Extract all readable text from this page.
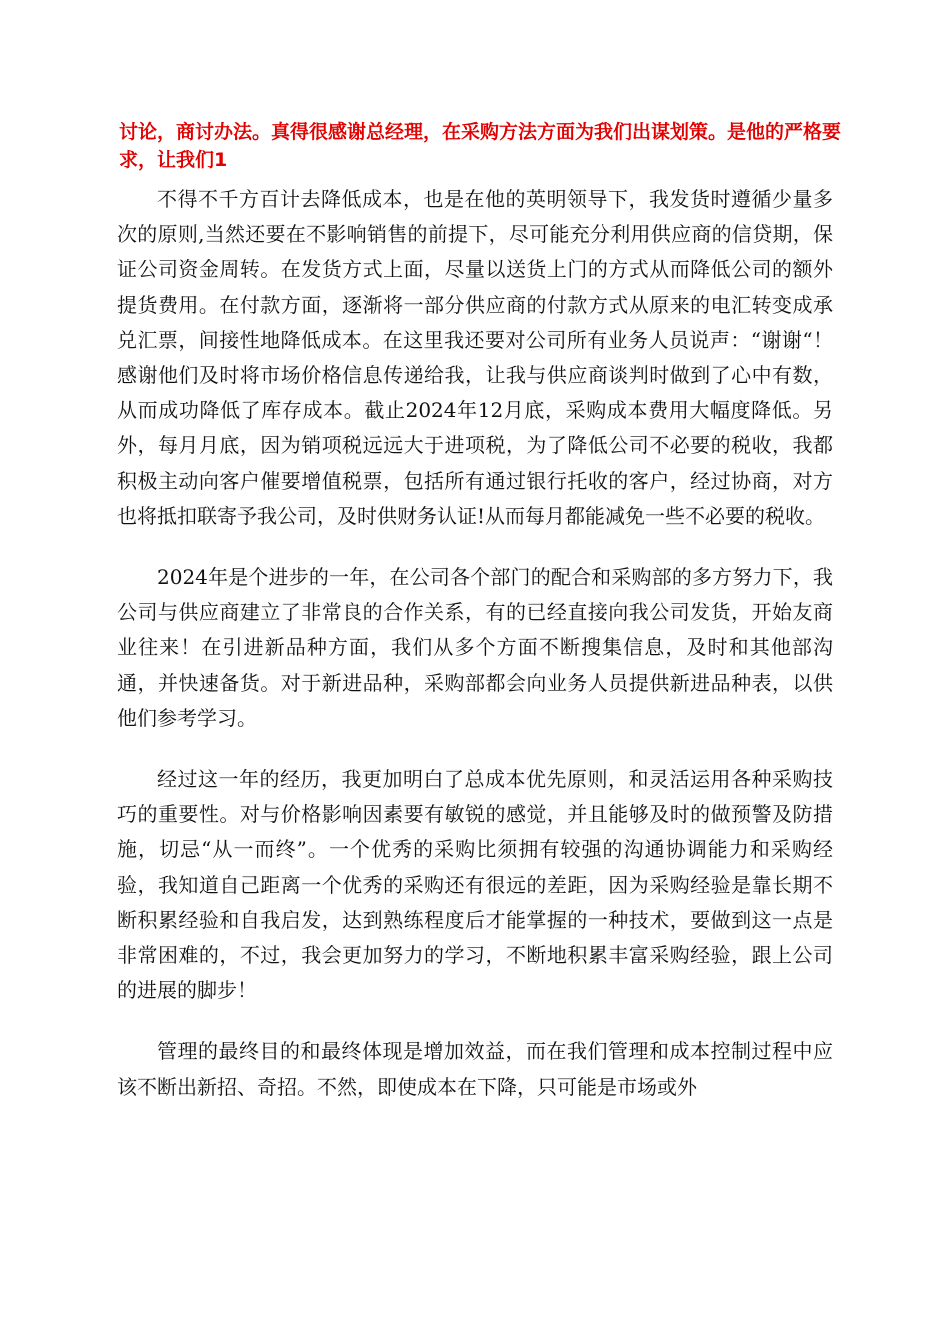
讨论，商讨办法。真得很感谢总经理，在采购方法方面为我们出谋划策。是他的严格要求，让我们1

不得不千方百计去降低成本，也是在他的英明领导下，我发货时遵循少量多次的原则,当然还要在不影响销售的前提下，尽可能充分利用供应商的信贷期，保证公司资金周转。在发货方式上面，尽量以送货上门的方式从而降低公司的额外提货费用。在付款方面，逐渐将一部分供应商的付款方式从原来的电汇转变成承兑汇票，间接性地降低成本。在这里我还要对公司所有业务人员说声：“谢谢“！感谢他们及时将市场价格信息传递给我，让我与供应商谈判时做到了心中有数，从而成功降低了库存成本。截止2024年12月底，采购成本费用大幅度降低。另外，每月月底，因为销项税远远大于进项税，为了降低公司不必要的税收，我都积极主动向客户催要增值税票，包括所有通过银行托收的客户，经过协商，对方也将抵扣联寄予我公司，及时供财务认证!从而每月都能减免一些不必要的税收。

2024年是个进步的一年，在公司各个部门的配合和采购部的多方努力下，我公司与供应商建立了非常良的合作关系，有的已经直接向我公司发货，开始友商业往来！在引进新品种方面，我们从多个方面不断搜集信息，及时和其他部沟通，并快速备货。对于新进品种，采购部都会向业务人员提供新进品种表，以供他们参考学习。

经过这一年的经历，我更加明白了总成本优先原则，和灵活运用各种采购技巧的重要性。对与价格影响因素要有敏锐的感觉，并且能够及时的做预警及防措施，切忌“从一而终”。一个优秀的采购比须拥有较强的沟通协调能力和采购经验，我知道自己距离一个优秀的采购还有很远的差距，因为采购经验是靠长期不断积累经验和自我启发，达到熟练程度后才能掌握的一种技术，要做到这一点是非常困难的，不过，我会更加努力的学习，不断地积累丰富采购经验，跟上公司的进展的脚步！

管理的最终目的和最终体现是增加效益，而在我们管理和成本控制过程中应该不断出新招、奇招。不然，即使成本在下降，只可能是市场或外
